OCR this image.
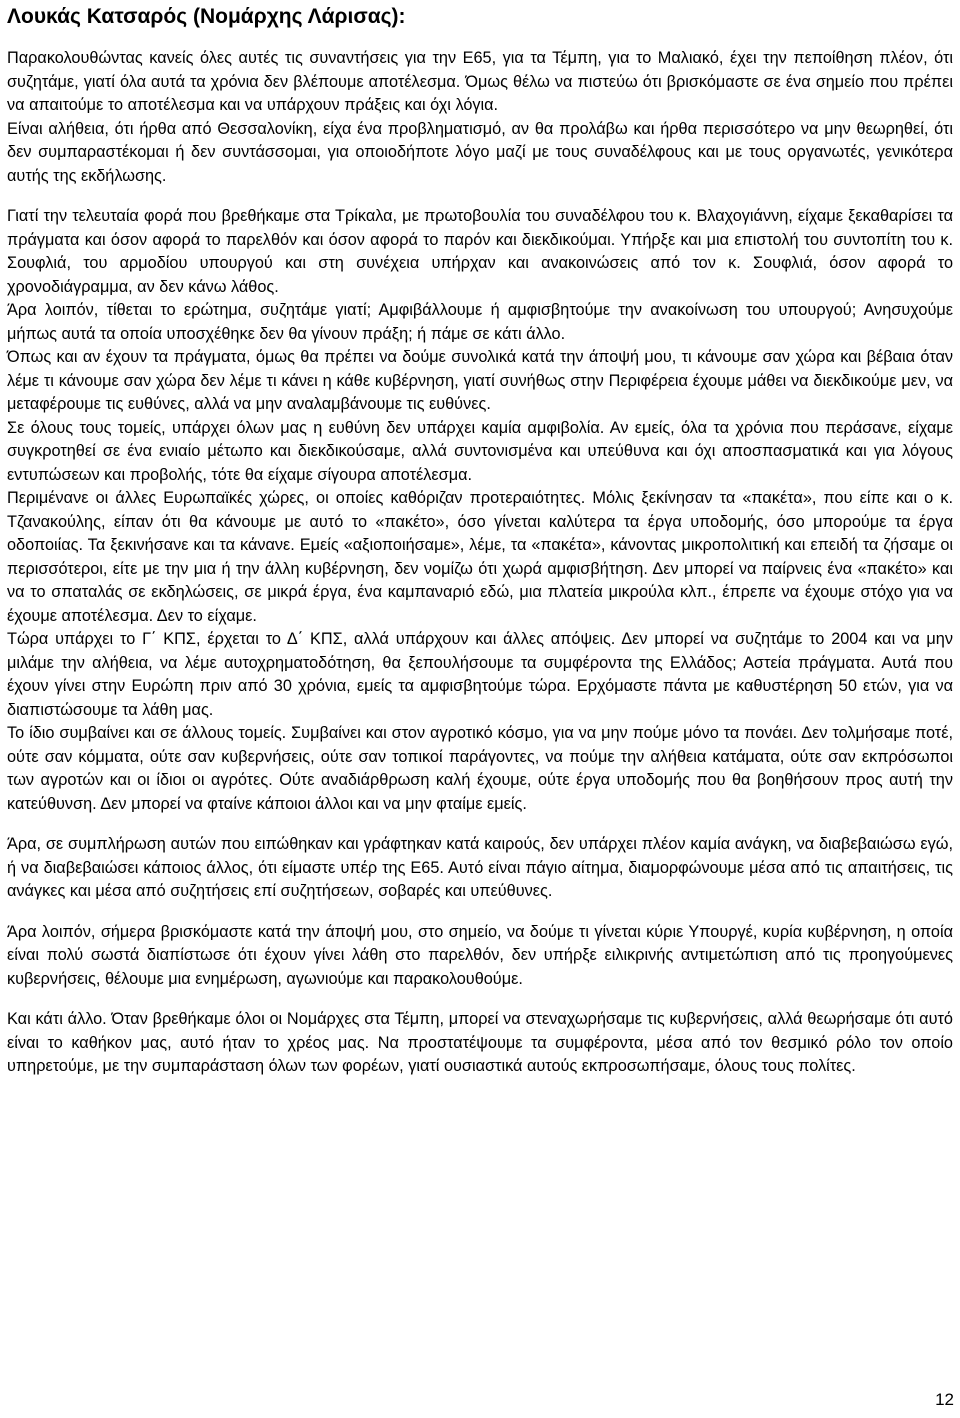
Λουκάς Κατσαρός (Νομάρχης Λάρισας):

Παρακολουθώντας κανείς όλες αυτές τις συναντήσεις για την Ε65, για τα Τέμπη, για το Μαλιακό, έχει την πεποίθηση πλέον, ότι συζητάμε, γιατί όλα αυτά τα χρόνια δεν βλέπουμε αποτέλεσμα. Όμως θέλω να πιστεύω ότι βρισκόμαστε σε ένα σημείο που πρέπει να απαιτούμε το αποτέλεσμα και να υπάρχουν πράξεις και όχι λόγια.

Είναι αλήθεια, ότι ήρθα από Θεσσαλονίκη, είχα ένα προβληματισμό, αν θα προλάβω και ήρθα περισσότερο να μην θεωρηθεί, ότι δεν συμπαραστέκομαι ή δεν συντάσσομαι, για οποιοδήποτε λόγο μαζί με τους συναδέλφους και με τους οργανωτές, γενικότερα αυτής της εκδήλωσης.

Γιατί την τελευταία φορά που βρεθήκαμε στα Τρίκαλα, με πρωτοβουλία του συναδέλφου του κ. Βλαχογιάννη, είχαμε ξεκαθαρίσει τα πράγματα και όσον αφορά το παρελθόν και όσον αφορά το παρόν και διεκδικούμαι. Υπήρξε και μια επιστολή του συντοπίτη του κ. Σουφλιά, του αρμοδίου υπουργού και στη συνέχεια υπήρχαν και ανακοινώσεις από τον κ. Σουφλιά, όσον αφορά το χρονοδιάγραμμα, αν δεν κάνω λάθος.

Άρα λοιπόν, τίθεται το ερώτημα, συζητάμε γιατί; Αμφιβάλλουμε ή αμφισβητούμε την ανακοίνωση του υπουργού; Ανησυχούμε μήπως αυτά τα οποία υποσχέθηκε δεν θα γίνουν πράξη; ή πάμε σε κάτι άλλο.

Όπως και αν έχουν τα πράγματα, όμως θα πρέπει να δούμε συνολικά κατά την άποψή μου, τι κάνουμε σαν χώρα και βέβαια όταν λέμε τι κάνουμε σαν χώρα δεν λέμε τι κάνει η κάθε κυβέρνηση, γιατί συνήθως στην Περιφέρεια έχουμε μάθει να διεκδικούμε μεν, να μεταφέρουμε τις ευθύνες, αλλά να μην αναλαμβάνουμε τις ευθύνες.

Σε όλους τους τομείς, υπάρχει όλων μας η ευθύνη δεν υπάρχει καμία αμφιβολία. Αν εμείς, όλα τα χρόνια που περάσανε, είχαμε συγκροτηθεί σε ένα ενιαίο μέτωπο και διεκδικούσαμε, αλλά συντονισμένα και υπεύθυνα και όχι αποσπασματικά και για λόγους εντυπώσεων και προβολής, τότε θα είχαμε σίγουρα αποτέλεσμα.

Περιμένανε οι άλλες Ευρωπαϊκές χώρες, οι οποίες καθόριζαν προτεραιότητες. Μόλις ξεκίνησαν τα «πακέτα», που είπε και ο κ. Τζανακούλης, είπαν ότι θα κάνουμε με αυτό το «πακέτο», όσο γίνεται καλύτερα τα έργα υποδομής, όσο μπορούμε τα έργα οδοποιίας. Τα ξεκινήσανε και τα κάνανε. Εμείς «αξιοποιήσαμε», λέμε, τα «πακέτα», κάνοντας μικροπολιτική και επειδή τα ζήσαμε οι περισσότεροι, είτε με την μια ή την άλλη κυβέρνηση, δεν νομίζω ότι χωρά αμφισβήτηση. Δεν μπορεί να παίρνεις ένα «πακέτο» και να το σπαταλάς σε εκδηλώσεις, σε μικρά έργα, ένα καμπαναριό εδώ, μια πλατεία μικρούλα κλπ., έπρεπε να έχουμε στόχο για να έχουμε αποτέλεσμα. Δεν το είχαμε.

Τώρα υπάρχει το Γ΄ ΚΠΣ, έρχεται το Δ΄ ΚΠΣ, αλλά υπάρχουν και άλλες απόψεις. Δεν μπορεί να συζητάμε το 2004 και να μην μιλάμε την αλήθεια, να λέμε αυτοχρηματοδότηση, θα ξεπουλήσουμε τα συμφέροντα της Ελλάδος; Αστεία πράγματα. Αυτά που έχουν γίνει στην Ευρώπη πριν από 30 χρόνια, εμείς τα αμφισβητούμε τώρα. Ερχόμαστε πάντα με καθυστέρηση 50 ετών, για να διαπιστώσουμε τα λάθη μας.

Το ίδιο συμβαίνει και σε άλλους τομείς. Συμβαίνει και στον αγροτικό κόσμο, για να μην πούμε μόνο τα πονάει. Δεν τολμήσαμε ποτέ, ούτε σαν κόμματα, ούτε σαν κυβερνήσεις, ούτε σαν τοπικοί παράγοντες, να πούμε την αλήθεια κατάματα, ούτε σαν εκπρόσωποι των αγροτών και οι ίδιοι οι αγρότες. Ούτε αναδιάρθρωση καλή έχουμε, ούτε έργα υποδομής που θα βοηθήσουν προς αυτή την κατεύθυνση. Δεν μπορεί να φταίνε κάποιοι άλλοι και να μην φταίμε εμείς.

Άρα, σε συμπλήρωση αυτών που ειπώθηκαν και γράφτηκαν κατά καιρούς, δεν υπάρχει πλέον καμία ανάγκη, να διαβεβαιώσω εγώ, ή να διαβεβαιώσει κάποιος άλλος, ότι είμαστε υπέρ της Ε65. Αυτό είναι πάγιο αίτημα, διαμορφώνουμε μέσα από τις απαιτήσεις, τις ανάγκες και μέσα από συζητήσεις επί συζητήσεων, σοβαρές και υπεύθυνες.

Άρα λοιπόν, σήμερα βρισκόμαστε κατά την άποψή μου, στο σημείο, να δούμε τι γίνεται κύριε Υπουργέ, κυρία κυβέρνηση, η οποία είναι πολύ σωστά διαπίστωσε ότι έχουν γίνει λάθη στο παρελθόν, δεν υπήρξε ειλικρινής αντιμετώπιση από τις προηγούμενες κυβερνήσεις, θέλουμε μια ενημέρωση, αγωνιούμε και παρακολουθούμε.

Και κάτι άλλο. Όταν βρεθήκαμε όλοι οι Νομάρχες στα Τέμπη, μπορεί να στεναχωρήσαμε τις κυβερνήσεις, αλλά θεωρήσαμε ότι αυτό είναι το καθήκον μας, αυτό ήταν το χρέος μας. Να προστατέψουμε τα συμφέροντα, μέσα από τον θεσμικό ρόλο τον οποίο υπηρετούμε, με την συμπαράσταση όλων των φορέων, γιατί ουσιαστικά αυτούς εκπροσωπήσαμε, όλους τους πολίτες.

12
